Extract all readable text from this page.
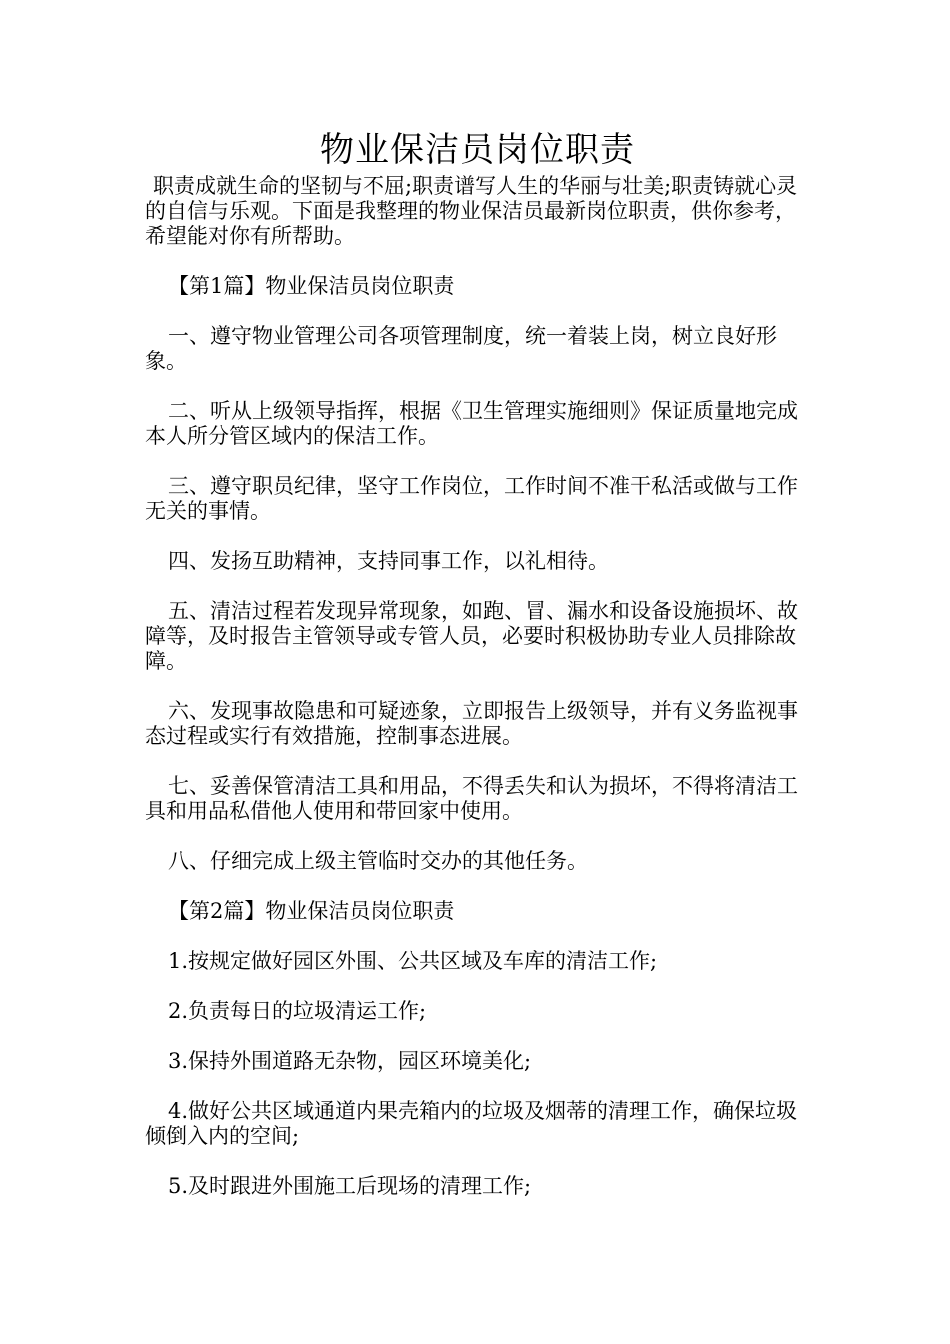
物业保洁员岗位职责

职责成就生命的坚韧与不屈;职责谱写人生的华丽与壮美;职责铸就心灵的自信与乐观。下面是我整理的物业保洁员最新岗位职责，供你参考，希望能对你有所帮助。

【第1篇】物业保洁员岗位职责

一、遵守物业管理公司各项管理制度，统一着装上岗，树立良好形象。

二、听从上级领导指挥，根据《卫生管理实施细则》保证质量地完成本人所分管区域内的保洁工作。

三、遵守职员纪律，坚守工作岗位，工作时间不准干私活或做与工作无关的事情。

四、发扬互助精神，支持同事工作，以礼相待。

五、清洁过程若发现异常现象，如跑、冒、漏水和设备设施损坏、故障等，及时报告主管领导或专管人员，必要时积极协助专业人员排除故障。

六、发现事故隐患和可疑迹象，立即报告上级领导，并有义务监视事态过程或实行有效措施，控制事态进展。

七、妥善保管清洁工具和用品，不得丢失和认为损坏，不得将清洁工具和用品私借他人使用和带回家中使用。

八、仔细完成上级主管临时交办的其他任务。

【第2篇】物业保洁员岗位职责

1.按规定做好园区外围、公共区域及车库的清洁工作;

2.负责每日的垃圾清运工作;

3.保持外围道路无杂物，园区环境美化;

4.做好公共区域通道内果壳箱内的垃圾及烟蒂的清理工作，确保垃圾倾倒入内的空间;

5.及时跟进外围施工后现场的清理工作;
